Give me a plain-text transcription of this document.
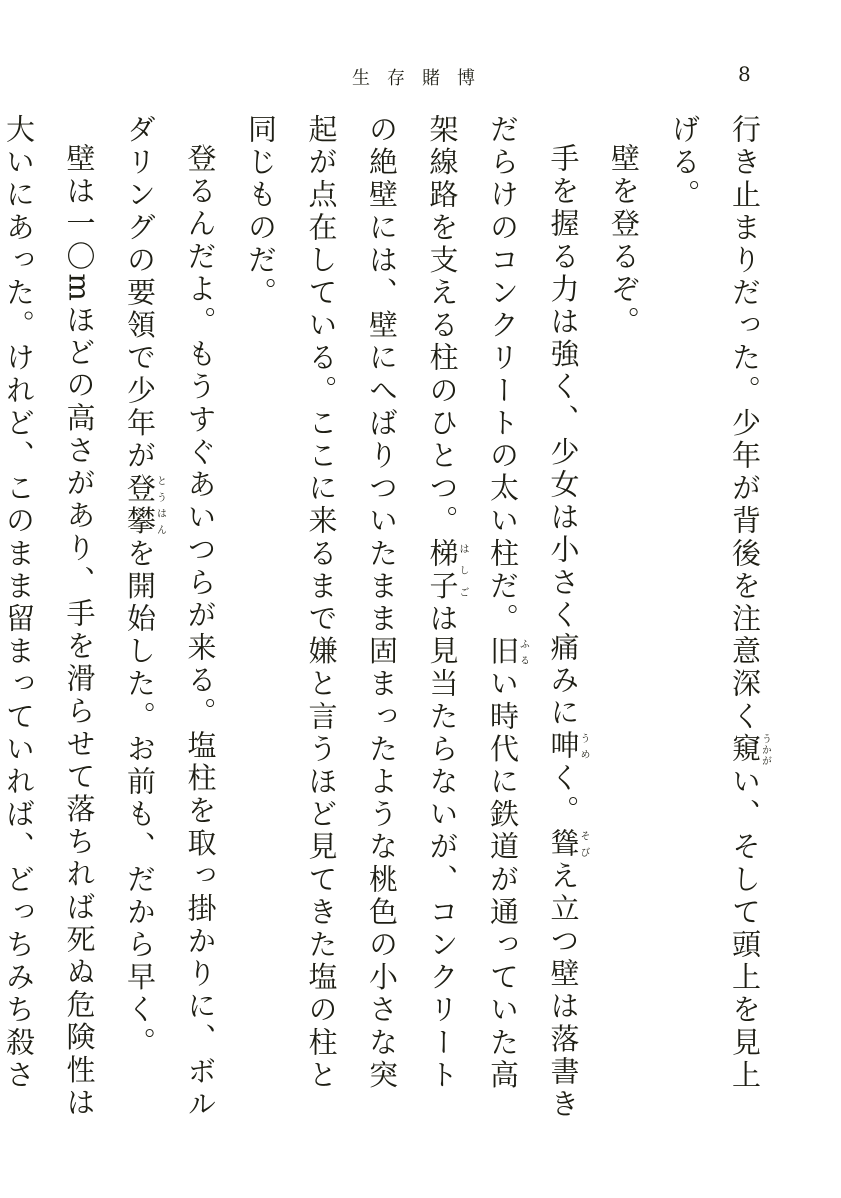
生存賭博	8

行き止まりだった。少年が背後を注意深く窺うかがい、そして頭上を見上げる。

壁を登るぞ。

手を握る力は強く、少女は小さく痛みに呻うめく。聳そびえ立つ壁は落書きだらけのコンクリートの太い柱だ。旧ふるい時代に鉄道が通っていた高架線路を支える柱のひとつ。梯子はしごは見当たらないが、コンクリートの絶壁には、壁にへばりついたまま固まったような桃色の小さな突起が点在している。ここに来るまで嫌と言うほど見てきた塩の柱と同じものだ。

登るんだよ。もうすぐあいつらが来る。塩柱を取っ掛かりに、ボルダリングの要領で少年が登攀とうはんを開始した。お前も、だから早く。

壁は一〇mほどの高さがあり、手を滑らせて落ちれば死ぬ危険性は大いにあった。けれど、このまま留まっていれば、どっちみち殺さ
